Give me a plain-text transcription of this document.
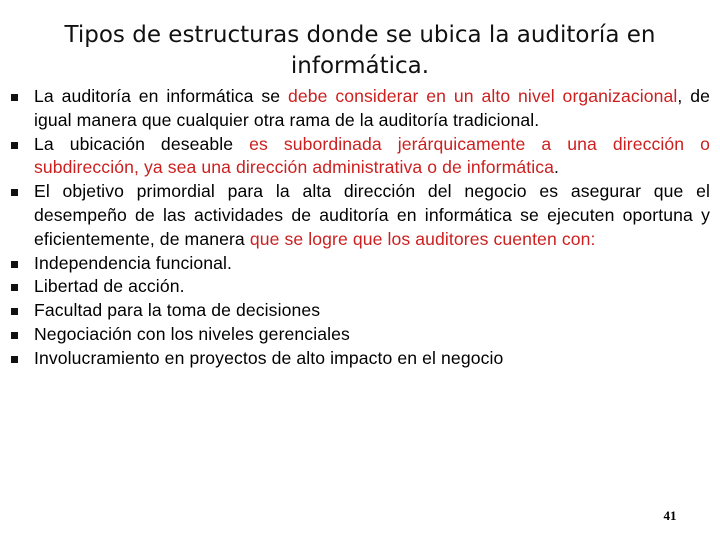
Tipos de estructuras donde se ubica la auditoría en informática.
La auditoría en informática se debe considerar en un alto nivel organizacional, de igual manera que cualquier otra rama de la auditoría tradicional.
La ubicación deseable es subordinada jerárquicamente a una dirección o subdirección, ya sea una dirección administrativa o de informática.
El objetivo primordial para la alta dirección del negocio es asegurar que el desempeño de las actividades de auditoría en informática se ejecuten oportuna y eficientemente, de manera que se logre que los auditores cuenten con:
Independencia funcional.
Libertad de acción.
Facultad para la toma de decisiones
Negociación con los niveles gerenciales
Involucramiento en proyectos de alto impacto en el negocio
41
